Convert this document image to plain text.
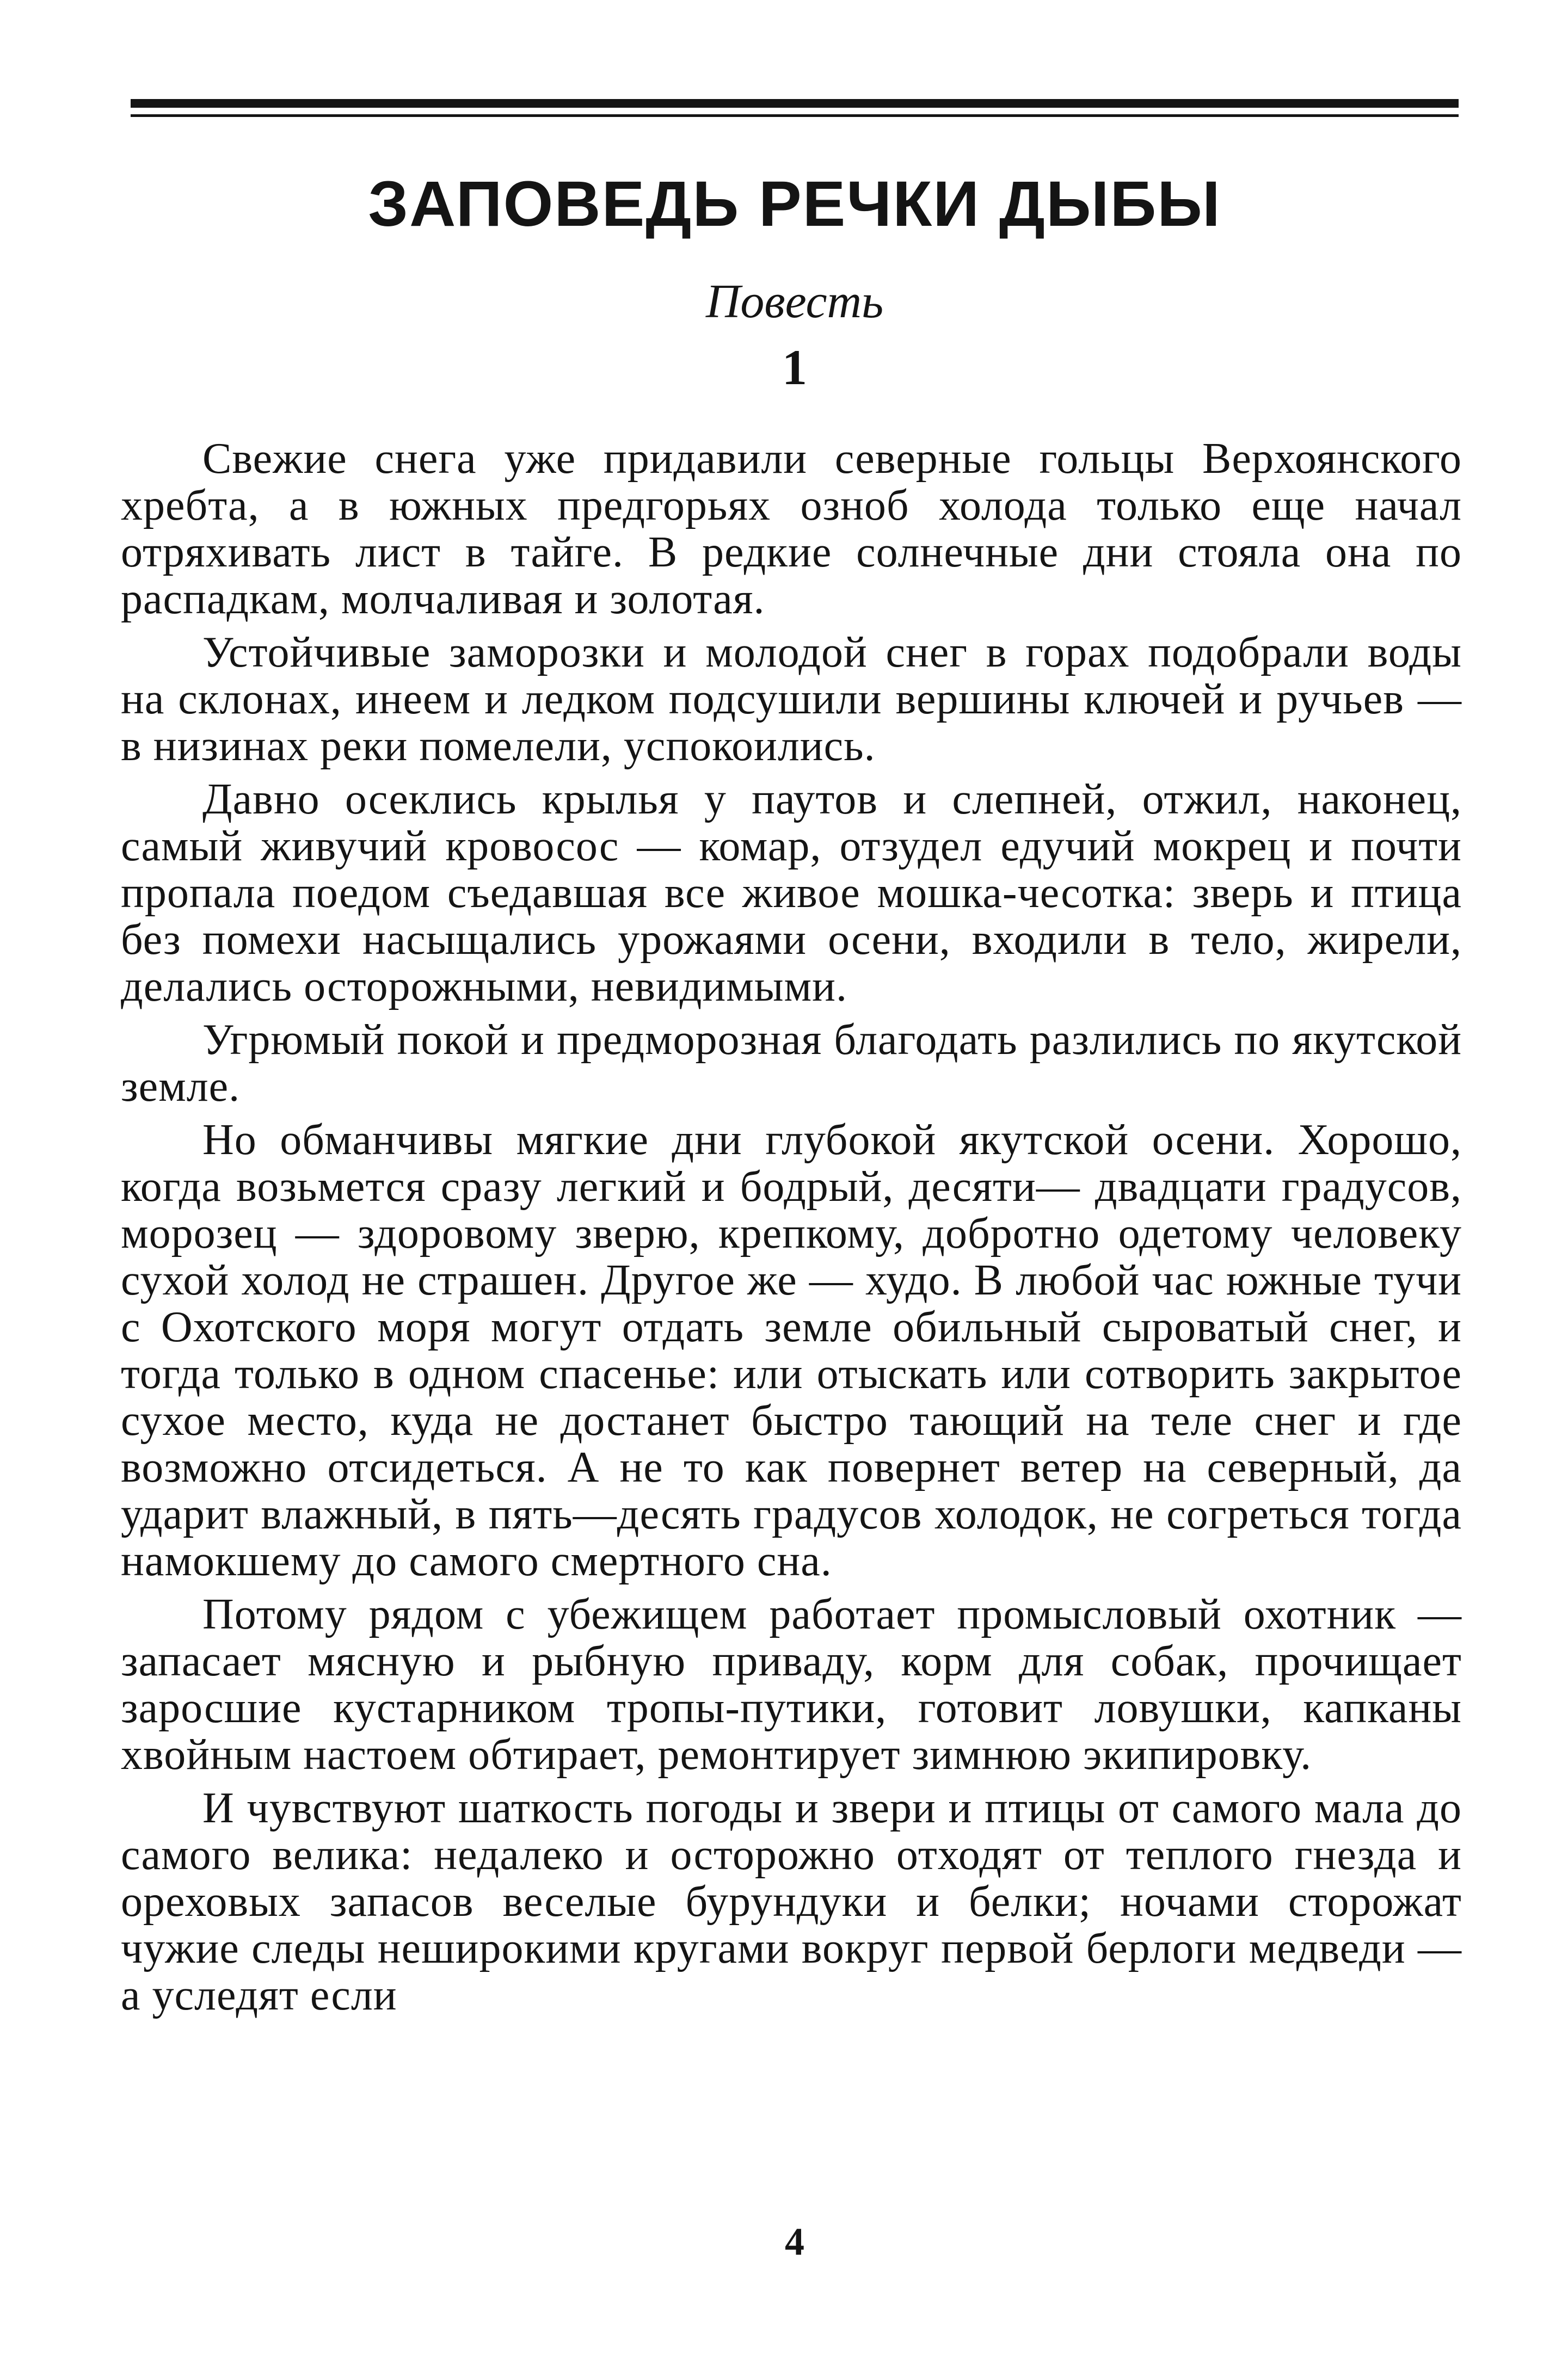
ЗАПОВЕДЬ РЕЧКИ ДЫБЫ

Повесть

1

Свежие снега уже придавили северные гольцы Верхоянского хребта, а в южных предгорьях озноб холода только еще начал отряхивать лист в тайге. В редкие солнечные дни стояла она по распадкам, молчаливая и золотая.

Устойчивые заморозки и молодой снег в горах подобрали воды на склонах, инеем и ледком подсушили вершины ключей и ручьев — в низинах реки помелели, успокоились.

Давно осеклись крылья у паутов и слепней, отжил, наконец, самый живучий кровосос — комар, отзудел едучий мокрец и почти пропала поедом съедавшая все живое мошка-чесотка: зверь и птица без помехи насыщались урожаями осени, входили в тело, жирели, делались осторожными, невидимыми.

Угрюмый покой и предморозная благодать разлились по якутской земле.

Но обманчивы мягкие дни глубокой якутской осени. Хорошо, когда возьмется сразу легкий и бодрый, десяти— двадцати градусов, морозец — здоровому зверю, крепкому, добротно одетому человеку сухой холод не страшен. Другое же — худо. В любой час южные тучи с Охотского моря могут отдать земле обильный сыроватый снег, и тогда только в одном спасенье: или отыскать или сотворить закрытое сухое место, куда не достанет быстро тающий на теле снег и где возможно отсидеться. А не то как повернет ветер на северный, да ударит влажный, в пять—десять градусов холодок, не согреться тогда намокшему до самого смертного сна.

Потому рядом с убежищем работает промысловый охотник — запасает мясную и рыбную приваду, корм для собак, прочищает заросшие кустарником тропы-путики, готовит ловушки, капканы хвойным настоем обтирает, ремонтирует зимнюю экипировку.

И чувствуют шаткость погоды и звери и птицы от самого мала до самого велика: недалеко и осторожно отходят от теплого гнезда и ореховых запасов веселые бурундуки и белки; ночами сторожат чужие следы неширокими кругами вокруг первой берлоги медведи — а уследят если

4
